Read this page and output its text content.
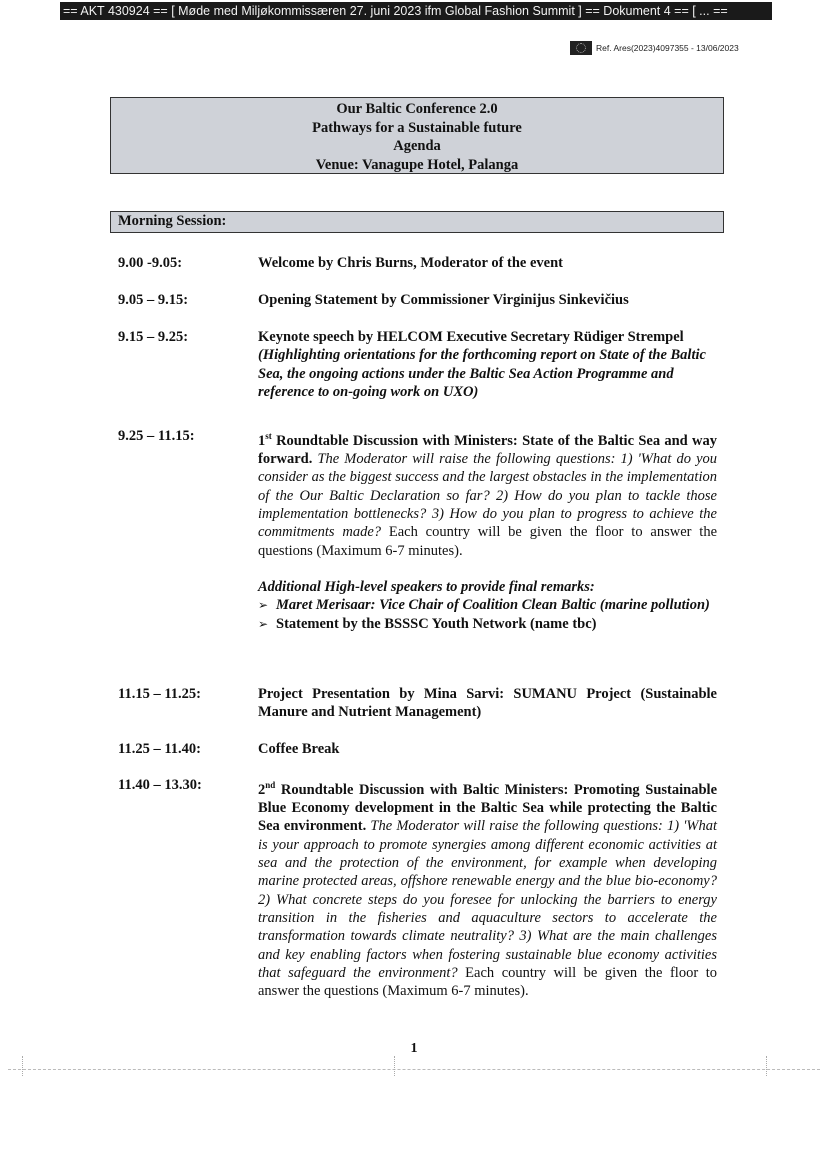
== AKT 430924 == [ Møde med Miljøkommissæren 27. juni 2023 ifm Global Fashion Summit ] == Dokument 4 == [ ... ==
Ref. Ares(2023)4097355 - 13/06/2023
Our Baltic Conference 2.0
Pathways for a Sustainable future
Agenda
Venue: Vanagupe Hotel, Palanga
Morning Session:
9.00 -9.05:	Welcome by Chris Burns, Moderator of the event
9.05 – 9.15:	Opening Statement by Commissioner Virginijus Sinkevičius
9.15 – 9.25:	Keynote speech by HELCOM Executive Secretary Rüdiger Strempel (Highlighting orientations for the forthcoming report on State of the Baltic Sea, the ongoing actions under the Baltic Sea Action Programme and reference to on-going work on UXO)
9.25 – 11.15:	1st Roundtable Discussion with Ministers: State of the Baltic Sea and way forward. The Moderator will raise the following questions: 1) 'What do you consider as the biggest success and the largest obstacles in the implementation of the Our Baltic Declaration so far? 2) How do you plan to tackle those implementation bottlenecks? 3) How do you plan to progress to achieve the commitments made? Each country will be given the floor to answer the questions (Maximum 6-7 minutes).
Additional High-level speakers to provide final remarks:
➢ Maret Merisaar: Vice Chair of Coalition Clean Baltic (marine pollution)
➢ Statement by the BSSSC Youth Network (name tbc)
11.15 – 11.25:	Project Presentation by Mina Sarvi: SUMANU Project (Sustainable Manure and Nutrient Management)
11.25 – 11.40:	Coffee Break
11.40 – 13.30:	2nd Roundtable Discussion with Baltic Ministers: Promoting Sustainable Blue Economy development in the Baltic Sea while protecting the Baltic Sea environment. The Moderator will raise the following questions: 1) 'What is your approach to promote synergies among different economic activities at sea and the protection of the environment, for example when developing marine protected areas, offshore renewable energy and the blue bio-economy? 2) What concrete steps do you foresee for unlocking the barriers to energy transition in the fisheries and aquaculture sectors to accelerate the transformation towards climate neutrality? 3) What are the main challenges and key enabling factors when fostering sustainable blue economy activities that safeguard the environment? Each country will be given the floor to answer the questions (Maximum 6-7 minutes).
1
